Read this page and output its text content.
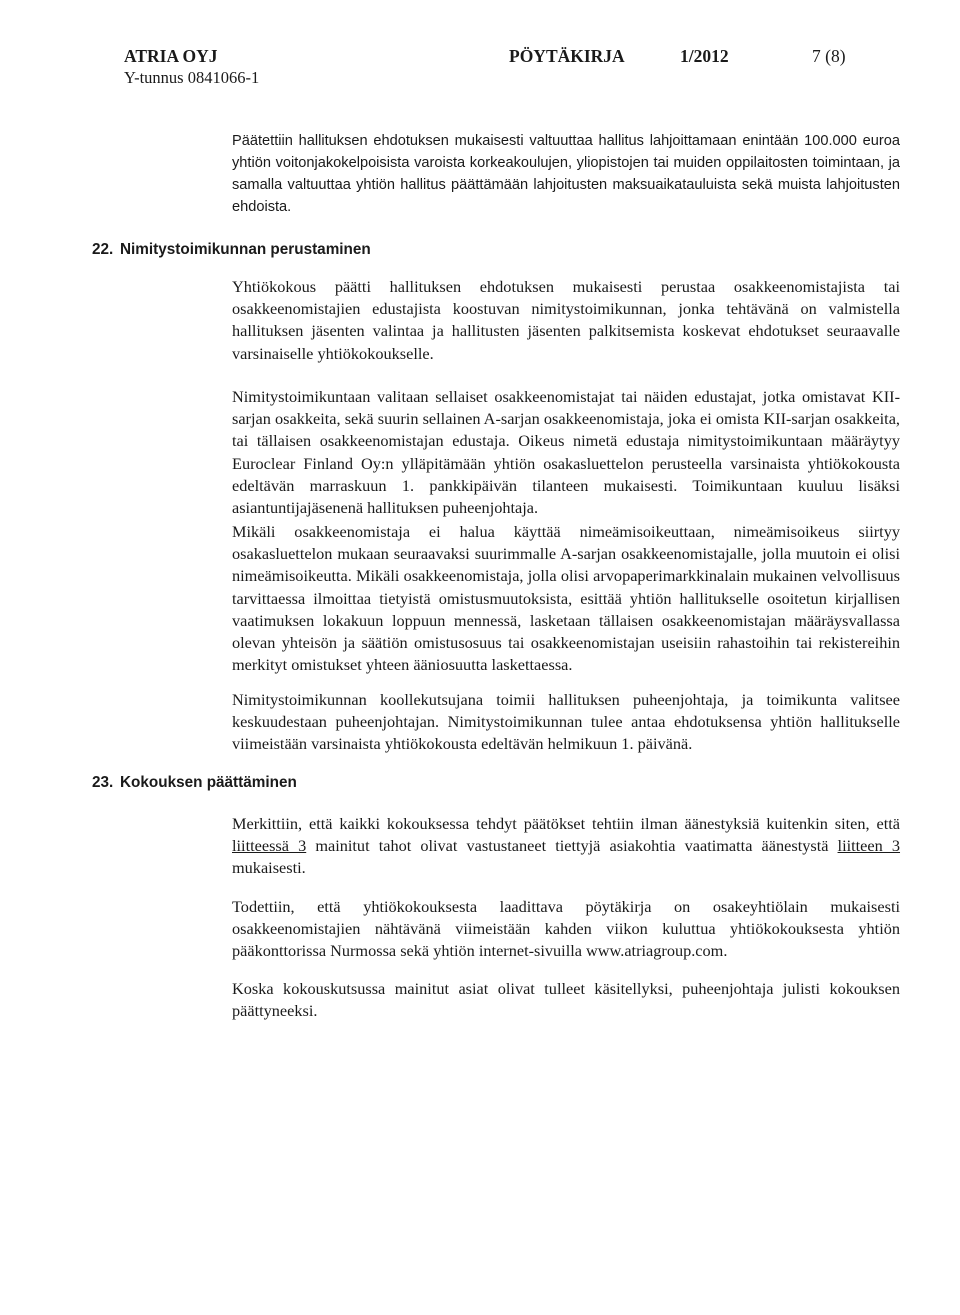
ATRIA OYJ
Y-tunnus 0841066-1
PÖYTÄKIRJA	1/2012	7 (8)

Päätettiin hallituksen ehdotuksen mukaisesti valtuuttaa hallitus lahjoittamaan enintään 100.000 euroa yhtiön voitonjakokelpoisista varoista korkeakoulujen, yliopistojen tai muiden oppilaitosten toimintaan, ja samalla valtuuttaa yhtiön hallitus päättämään lahjoitusten maksuaikatauluista sekä muista lahjoitusten ehdoista.

22. Nimitystoimikunnan perustaminen

Yhtiökokous päätti hallituksen ehdotuksen mukaisesti perustaa osakkeenomistajista tai osakkeenomistajien edustajista koostuvan nimitystoimikunnan, jonka tehtävänä on valmistella hallituksen jäsenten valintaa ja hallitusten jäsenten palkitsemista koskevat ehdotukset seuraavalle varsinaiselle yhtiökokoukselle.

Nimitystoimikuntaan valitaan sellaiset osakkeenomistajat tai näiden edustajat, jotka omistavat KII-sarjan osakkeita, sekä suurin sellainen A-sarjan osakkeenomistaja, joka ei omista KII-sarjan osakkeita, tai tällaisen osakkeenomistajan edustaja. Oikeus nimetä edustaja nimitystoimikuntaan määräytyy Euroclear Finland Oy:n ylläpitämään yhtiön osakasluettelon perusteella varsinaista yhtiökokousta edeltävän marraskuun 1. pankkipäivän tilanteen mukaisesti. Toimikuntaan kuuluu lisäksi asiantuntijajäsenenä hallituksen puheenjohtaja.

Mikäli osakkeenomistaja ei halua käyttää nimeämisoikeuttaan, nimeämisoikeus siirtyy osakasluettelon mukaan seuraavaksi suurimmalle A-sarjan osakkeenomistajalle, jolla muutoin ei olisi nimeämisoikeutta. Mikäli osakkeenomistaja, jolla olisi arvopaperimarkkinalain mukainen velvollisuus tarvittaessa ilmoittaa tietyistä omistusmuutoksista, esittää yhtiön hallitukselle osoitetun kirjallisen vaatimuksen lokakuun loppuun mennessä, lasketaan tällaisen osakkeenomistajan määräysvallassa olevan yhteisön ja säätiön omistusosuus tai osakkeenomistajan useisiin rahastoihin tai rekistereihin merkityt omistukset yhteen ääniosuutta laskettaessa.

Nimitystoimikunnan koollekutsujana toimii hallituksen puheenjohtaja, ja toimikunta valitsee keskuudestaan puheenjohtajan. Nimitystoimikunnan tulee antaa ehdotuksensa yhtiön hallitukselle viimeistään varsinaista yhtiökokousta edeltävän helmikuun 1. päivänä.

23. Kokouksen päättäminen

Merkittiin, että kaikki kokouksessa tehdyt päätökset tehtiin ilman äänestyksiä kuitenkin siten, että liitteessä 3 mainitut tahot olivat vastustaneet tiettyjä asiakohtia vaatimatta äänestystä liitteen 3 mukaisesti.

Todettiin, että yhtiökokouksesta laadittava pöytäkirja on osakeyhtiölain mukaisesti osakkeenomistajien nähtävänä viimeistään kahden viikon kuluttua yhtiökokouksesta yhtiön pääkonttorissa Nurmossa sekä yhtiön internet-sivuilla www.atriagroup.com.

Koska kokouskutsussa mainitut asiat olivat tulleet käsitellyksi, puheenjohtaja julisti kokouksen päättyneeksi.
